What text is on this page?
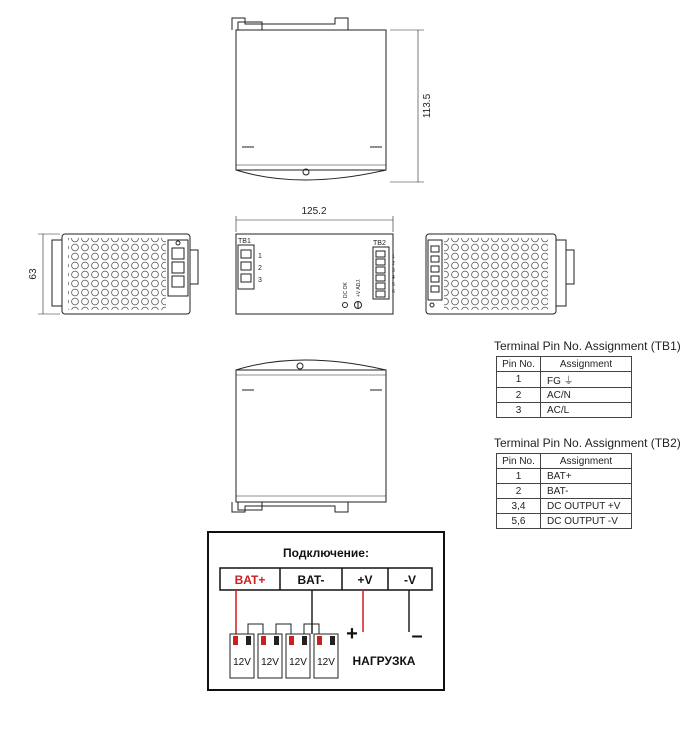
113.5
125.2
TB1
1
2
3
TB2
1
2
3
4
5
6
DC OK +V ADJ.
63
Подключение:
BAT+	BAT-	+V	-V
12V 12V 12V 12V
+	–
НАГРУЗКА
Terminal Pin No. Assignment (TB1)
Pin No.	Assignment
1	FG ⏚
2	AC/N
3	AC/L
Terminal Pin No. Assignment (TB2)
Pin No.	Assignment
1	BAT+
2	BAT-
3,4	DC OUTPUT +V
5,6	DC OUTPUT -V
